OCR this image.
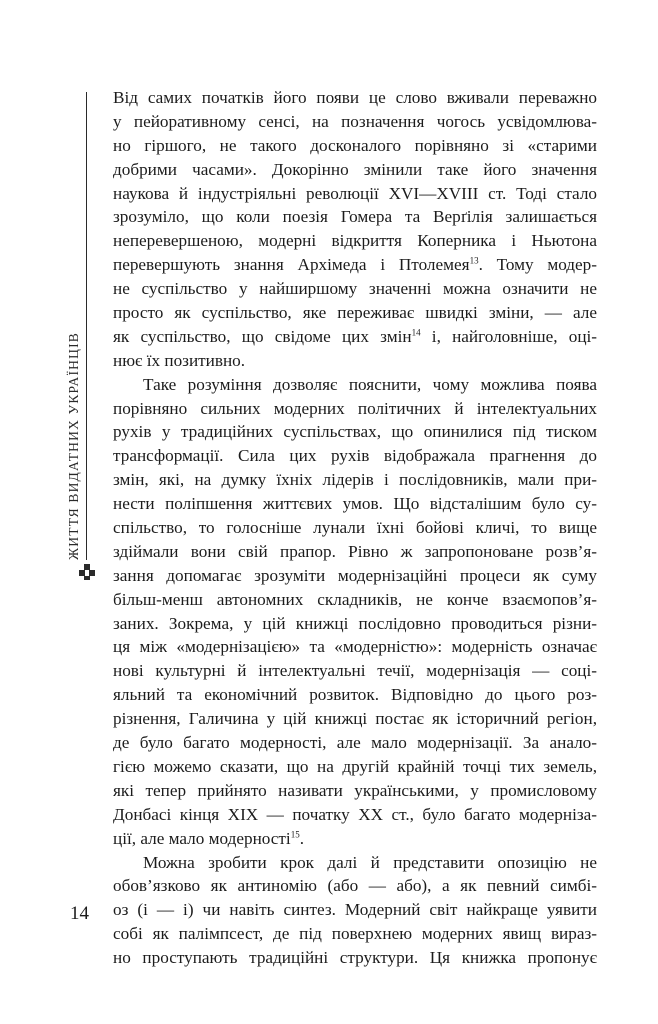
ЖИТТЯ ВИДАТНИХ УКРАЇНЦІВ
Від самих початків його появи це слово вживали переважно
у пейоративному сенсі, на позначення чогось усвідомлюва-
но гіршого, не такого досконалого порівняно зі «старими
добрими часами». Докорінно змінили таке його значення
наукова й індустріяльні революції XVI—XVIII ст. Тоді стало
зрозуміло, що коли поезія Гомера та Верґілія залишається
неперевершеною, модерні відкриття Коперника і Ньютона
перевершують знання Архімеда і Птолемея$^{13}$. Тому модер-
не суспільство у найширшому значенні можна означити не
просто як суспільство, яке переживає швидкі зміни, — але
як суспільство, що свідоме цих змін$^{14}$ і, найголовніше, оці-
нює їх позитивно.
Таке розуміння дозволяє пояснити, чому можлива поява
порівняно сильних модерних політичних й інтелектуальних
рухів у традиційних суспільствах, що опинилися під тиском
трансформації. Сила цих рухів відображала прагнення до
змін, які, на думку їхніх лідерів і послідовників, мали при-
нести поліпшення життєвих умов. Що відсталішим було су-
спільство, то голосніше лунали їхні бойові кличі, то вище
здіймали вони свій прапор. Рівно ж запропоноване розв’я-
зання допомагає зрозуміти модернізаційні процеси як суму
більш-менш автономних складників, не конче взаємопов’я-
заних. Зокрема, у цій книжці послідовно проводиться різни-
ця між «модернізацією» та «модерністю»: модерність означає
нові культурні й інтелектуальні течії, модернізація — соці-
яльний та економічний розвиток. Відповідно до цього роз-
різнення, Галичина у цій книжці постає як історичний регіон,
де було багато модерності, але мало модернізації. За анало-
гією можемо сказати, що на другій крайній точці тих земель,
які тепер прийнято називати українськими, у промисловому
Донбасі кінця XIX — початку XX ст., було багато модерніза-
ції, але мало модерності$^{15}$.
Можна зробити крок далі й представити опозицію не
обов’язково як антиномію (або — або), а як певний симбі-
оз (і — і) чи навіть синтез. Модерний світ найкраще уявити
собі як палімпсест, де під поверхнею модерних явищ вираз-
но проступають традиційні структури. Ця книжка пропонує
14
